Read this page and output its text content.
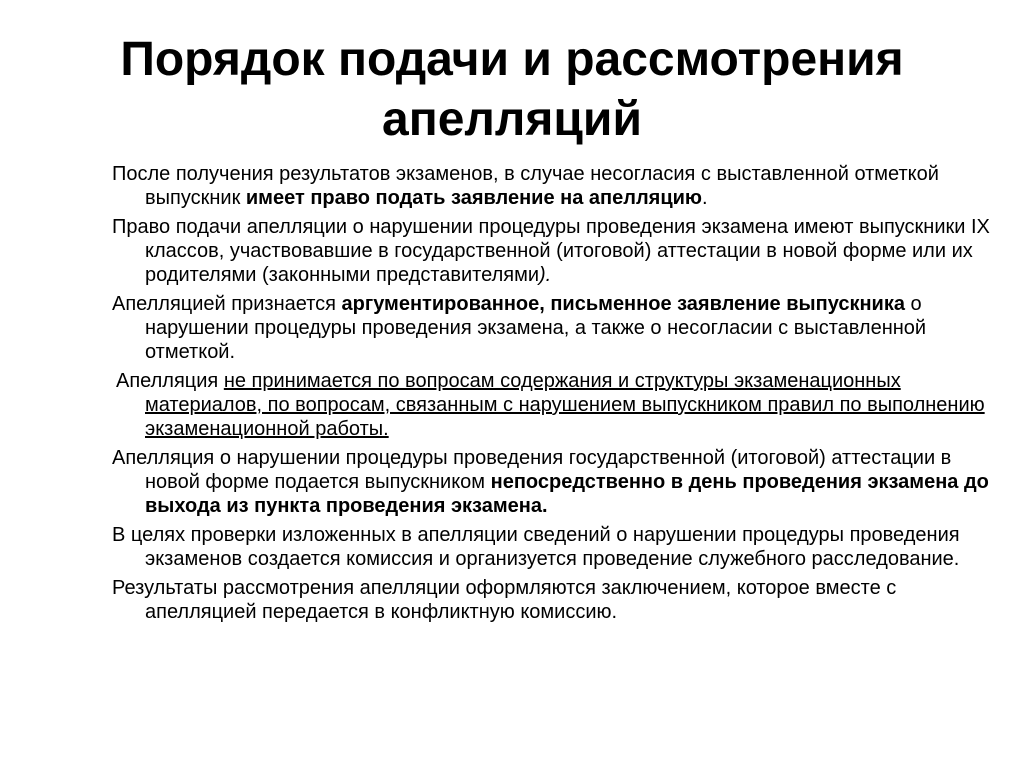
Порядок подачи и рассмотрения апелляций

После получения результатов экзаменов, в случае несогласия с выставленной отметкой выпускник имеет право подать заявление на апелляцию.

Право подачи апелляции о нарушении процедуры проведения экзамена имеют выпускники IX классов, участвовавшие в государственной (итоговой) аттестации в новой форме или их родителями (законными представителями).

Апелляцией признается аргументированное, письменное заявление выпускника о нарушении процедуры проведения экзамена, а также о несогласии с выставленной отметкой.

Апелляция не принимается по вопросам содержания и структуры экзаменационных материалов, по вопросам, связанным с нарушением выпускником правил по выполнению экзаменационной работы.

Апелляция о нарушении процедуры проведения государственной (итоговой) аттестации в новой форме подается выпускником непосредственно в день проведения экзамена до выхода из пункта проведения экзамена.

В целях проверки изложенных в апелляции сведений о нарушении процедуры проведения экзаменов создается комиссия и организуется проведение служебного расследование.

Результаты рассмотрения апелляции оформляются заключением, которое вместе с апелляцией передается в конфликтную комиссию.
